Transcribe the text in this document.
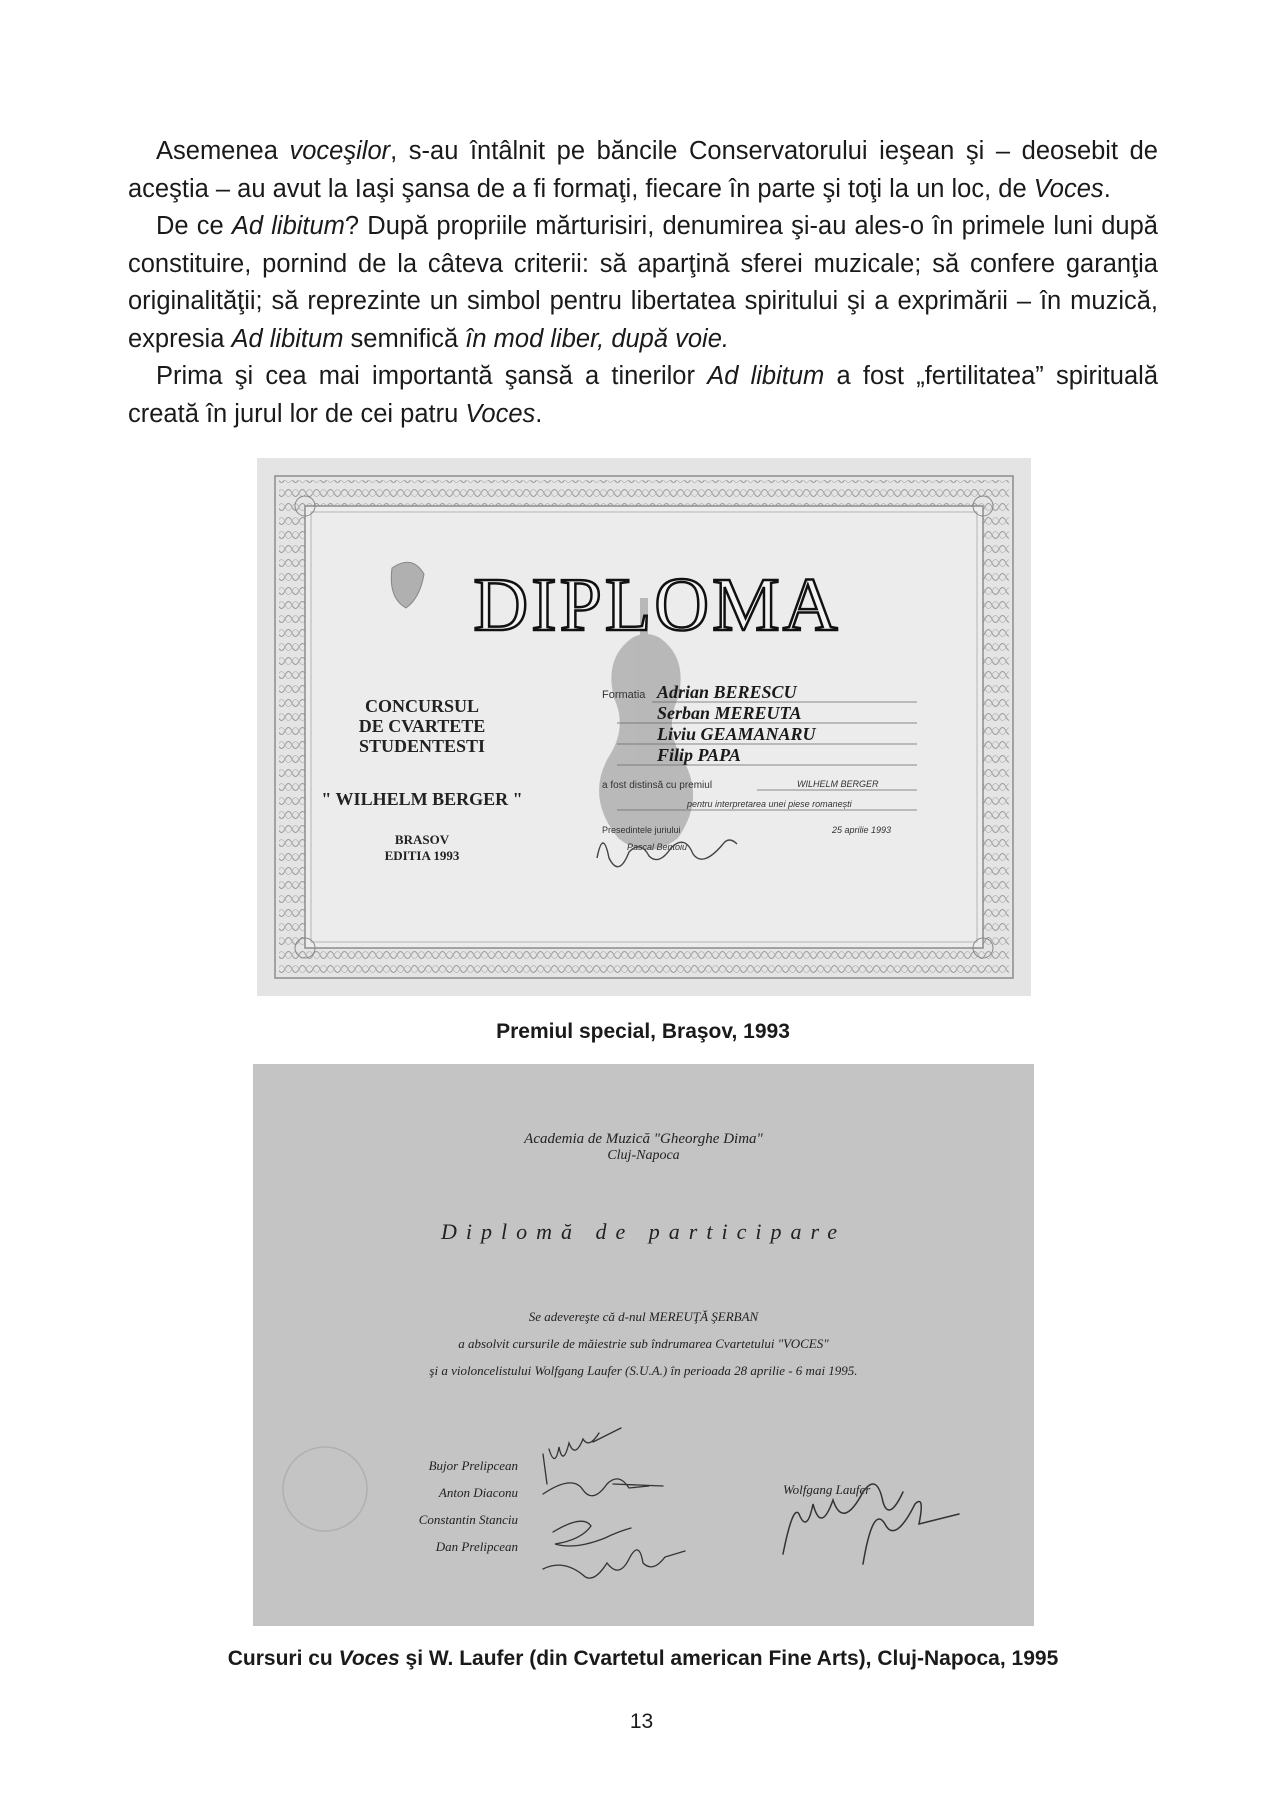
Asemenea voceşilor, s-au întâlnit pe băncile Conservatorului ieşean şi – deosebit de aceştia – au avut la Iaşi şansa de a fi formaţi, fiecare în parte şi toţi la un loc, de Voces.

De ce Ad libitum? După propriile mărturisiri, denumirea şi-au ales-o în primele luni după constituire, pornind de la câteva criterii: să aparţină sferei muzicale; să confere garanţia originalităţii; să reprezinte un simbol pentru libertatea spiritului şi a exprimării – în muzică, expresia Ad libitum semnifică în mod liber, după voie.

Prima şi cea mai importantă şansă a tinerilor Ad libitum a fost „fertilitatea” spirituală creată în jurul lor de cei patru Voces.

DIPLOMA
CONCURSUL
DE CVARTETE
STUDENTESTI
" WILHELM BERGER "
BRASOV
EDITIA 1993
Formatia Adrian BERESCU
Serban MEREUTA
Liviu GEAMANARU
Filip PAPA
a fost distinsă cu premiul	WILHELM BERGER
pentru interpretarea unei piese romanești
Presedintele juriului	25 aprilie 1993
Pascal Bentoiu

Premiul special, Braşov, 1993

Academia de Muzică "Gheorghe Dima"
Cluj-Napoca
Diplomă de participare
Se adevereşte că d-nul MEREUŢĂ ŞERBAN
a absolvit cursurile de măiestrie sub îndrumarea Cvartetului "VOCES"
şi a violoncelistului Wolfgang Laufer (S.U.A.) în perioada 28 aprilie - 6 mai 1995.
Bujor Prelipcean
Anton Diaconu
Constantin Stanciu
Dan Prelipcean
Wolfgang Laufer

Cursuri cu Voces şi W. Laufer (din Cvartetul american Fine Arts), Cluj-Napoca, 1995

13
